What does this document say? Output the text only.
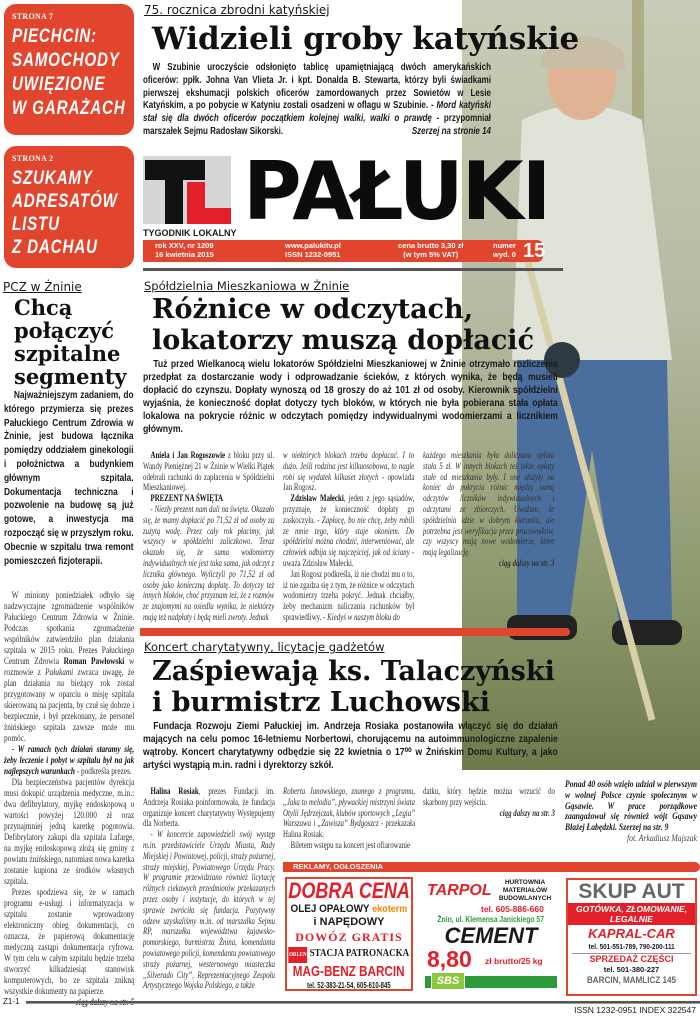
STRONA 7
PIECHCIN:
SAMOCHODY
UWIĘZIONE
W GARAŻACH
STRONA 2
SZUKAMY
ADRESATÓW
LISTU
Z DACHAU
75. rocznica zbrodni katyńskiej
Widzieli groby katyńskie
W Szubinie uroczyście odsłonięto tablicę upamiętniającą dwóch amerykańskich oficerów: ppłk. Johna Van Vlieta Jr. i kpt. Donalda B. Stewarta, którzy byli świadkami pierwszej ekshumacji polskich oficerów zamordowanych przez Sowietów w Lesie Katyńskim, a po pobycie w Katyniu zostali osadzeni w oflagu w Szubinie. - Mord katyński stał się dla dwóch oficerów początkiem kolejnej walki, walki o prawdę - przypomniał marszałek Sejmu Radosław Sikorski.	Szerzej na stronie 14
TYGODNIK LOKALNY PAŁUKI
rok XXV, nr 1209
16 kwietnia 2015
www.palukitv.pl
ISSN 1232-0951
cena brutto 3,30 zł
(w tym 5% VAT)
numer
wyd. 0 15
PCZ w Żninie
Chcą połączyć szpitalne segmenty
Najważniejszym zadaniem, do którego przymierza się prezes Pałuckiego Centrum Zdrowia w Żninie, jest budowa łącznika pomiędzy oddziałem ginekologii i położnictwa a budynkiem głównym szpitala. Dokumentacja techniczna i pozwolenie na budowę są już gotowe, a inwestycja ma rozpocząć się w przyszłym roku. Obecnie w szpitalu trwa remont pomieszczeń fizjoterapii.

W miniony poniedziałek odbyło się nadzwyczajne zgromadzenie wspólników Pałuckiego Centrum Zdrowia w Żninie. Podczas spotkania zgromadzenie wspólników zatwierdziło plan działania szpitala w 2015 roku. Prezes Pałuckiego Centrum Zdrowia Roman Pawłowski w rozmowie z Pałukami zwraca uwagę, że plan działania na bieżący rok został przygotowany w oparciu o misję szpitala skierowaną na pacjenta, by czuł się dobrze i bezpiecznie, i był przekonany, że personel żnińskiego szpitala zawsze może mu pomóc.

- W ramach tych działań staramy się, żeby leczenie i pobyt w szpitalu był na jak najlepszych warunkach - podkreśla prezes.

Dla bezpieczeństwa pacjentów dyrekcja musi dokupić urządzenia medyczne, m.in.: dwa defibrylatory, myjkę endoskopową o wartości powyżej 120.000 zł oraz przynajmniej jedną karetkę pogotowia. Defibrylatory zakupi dla szpitala Lafarge, na myjkę endoskopową złożą się gminy z powiatu żnińskiego, natomiast nowa karetka zostanie kupiona ze środków własnych szpitala.

Prezes spodziewa się, że w ramach programu e-usługi i informatyzacja w szpitalu zostanie wprowadzony elektroniczny obieg dokumentacji, co oznacza, że papierową dokumentację medyczną zastąpi dokumentacja cyfrowa. W tym celu w całym szpitalu będzie trzeba stworzyć kilkadziesiąt stanowisk komputerowych, bo ze szpitala znikną wszystkie dokumenty na papierze.

ciąg dalszy na str. 5

Spółdzielnia Mieszkaniowa w Żninie
Różnice w odczytach,
lokatorzy muszą dopłacić
Tuż przed Wielkanocą wielu lokatorów Spółdzielni Mieszkaniowej w Żninie otrzymało rozliczenia przedpłat za dostarczanie wody i odprowadzanie ścieków, z których wynika, że będą musieli dopłacić do czynszu. Dopłaty wynoszą od 18 groszy do aż 101 zł od osoby. Kierownik spółdzielni wyjaśnia, że konieczność dopłat dotyczy tych bloków, w których nie była pobierana stała opłata lokalowa na pokrycie różnic w odczytach pomiędzy indywidualnymi wodomierzami a licznikiem głównym.

Aniela i Jan Rogoszowie z bloku przy ul. Wandy Pieniężnej 21 w Żninie w Wielki Piątek odebrali rachunki do zapłacenia w Spółdzielni Mieszkaniowej.

PREZENT NA ŚWIĘTA

- Niezły prezent nam dali na święta. Okazało się, że mamy dopłacić po 71,52 zł od osoby za zużytą wodę. Przez cały rok płacimy, jak wszyscy w spółdzielni zaliczkowo. Teraz okazało się, że suma wodomierzy indywidualnych nie jest taka sama, jak odczyt z licznika głównego. Wyliczyli po 71,52 zł od osoby jako konieczną dopłatę. To dotyczy też innych bloków, choć przyznam też, że z rozmów ze znajomymi na osiedlu wynika, że niektórzy mają też nadpłaty i będą mieli zwroty. Jednak

w niektórych blokach trzeba dopłacać. I to dużo. Jeśli rodzina jest kilkuosobowa, to nagle robi się wydatek kilkaset złotych - opowiada Jan Rogosz.

Zdzisław Małecki, jeden z jego sąsiadów, przyznaje, że konieczność dopłaty go zaskoczyła. - Zapłacę, bo nie chcę, żeby robili ze mnie tego, który staje okoniem. Do spółdzielni można chodzić, interweniować, ale człowiek odbija się najczęściej, jak od ściany - uważa Zdzisław Małecki.

Jan Rogosz podkreśla, iż nie chodzi mu o to, iż nie zgadza się z tym, że różnice w odczytach wodomierzy trzeba pokryć. Jednak chciałby, żeby mechanizm naliczania rachunków był sprawiedliwy. - Kiedyś w naszym bloku do

każdego mieszkania była doliczana opłata stała 5 zł. W innych blokach też takie opłaty stałe od mieszkania były. I one służyły na koniec do pokrycia różnic między sumą odczytów liczników indywidualnych i odczytami ze zbiorczych. Uważam, że spółdzielnia idzie w dobrym kierunku, ale potrzebna jest weryfikacja przez pracowników, czy wszyscy mają nowe wodomierze, które mają legalizację.

ciąg dalszy na str. 3

Koncert charytatywny, licytacje gadżetów
Zaśpiewają ks. Talaczyński
i burmistrz Luchowski
Fundacja Rozwoju Ziemi Pałuckiej im. Andrzeja Rosiaka postanowiła włączyć się do działań mających na celu pomoc 16-letniemu Norbertowi, chorującemu na autoimmunologiczne zapalenie wątroby. Koncert charytatywny odbędzie się 22 kwietnia o 17⁰⁰ w Żnińskim Domu Kultury, a jako artyści wystąpią m.in. radni i dyrektorzy szkół.

Halina Rosiak, prezes Fundacji im. Andrzeja Rosiaka poinformowała, że fundacja organizuje koncert charytatywny Występujemy dla Norberta.

- W koncercie zapowiedzieli swój występ m.in. przedstawiciele Urzędu Miasta, Rady Miejskiej i Powiatowej, policji, straży pożarnej, straży miejskiej, Powiatowego Urzędu Pracy. W programie przewidziano również licytację różnych ciekawych przedmiotów przekazanych przez osoby i instytucje, do których w tej sprawie zwróciła się fundacja. Pozytywny odzew uzyskaliśmy m.in. od marszałka Sejmu RP, marszałka województwa kujawsko-pomorskiego, burmistrza Żnina, komendanta powiatowego policji, komendanta powiatowego straży pożarnej, westernowego miasteczka „Silverado City”, Reprezentacyjnego Zespołu Artystycznego Wojska Polskiego, a także

Roberta Janowskiego, znanego z programu, „Jaka to melodia”, pływackiej mistrzyni świata Otylii Jędrzejczak, klubów sportowych „Legia” Warszawa i „Zawisza” Bydgoszcz - przekazała Halina Rosiak.

Biletem wstępu na koncert jest ofiarowanie

datku, który będzie można wrzucić do skarbony przy wejściu.

ciąg dalszy na str. 3

Ponad 40 osób wzięło udział w pierwszym w wolnej Polsce czynie społecznym w Gąsawie. W prace porządkowe zaangażował się również wójt Gąsawy Błażej Łabędzki. Szerzej na str. 9
fot. Arkadiusz Majszak
REKLAMY, OGŁOSZENIA
DOBRA CENA
OLEJ OPAŁOWY ekoterm
i NAPĘDOWY
DOWÓZ GRATIS
ORLEN STACJA PATRONACKA
MAG-BENZ BARCIN
tel. 52-383-21-54, 605-610-845
TARPOL	HURTOWNIA MATERIAŁÓW BUDOWLANYCH
tel. 605-886-660
Żnin, ul. Klemensa Janickiego 57
CEMENT
8,80 zł brutto/25 kg
SBS
SKUP AUT
GOTÓWKA, ZŁOMOWANIE, LEGALNIE
KAPRAL-CAR
tel. 501-551-789, 790-200-111
SPRZEDAŻ CZĘŚCI
tel. 501-380-227
BARCIN, MAMLICZ 145
Z1-1
ISSN 1232-0951 INDEX 322547
